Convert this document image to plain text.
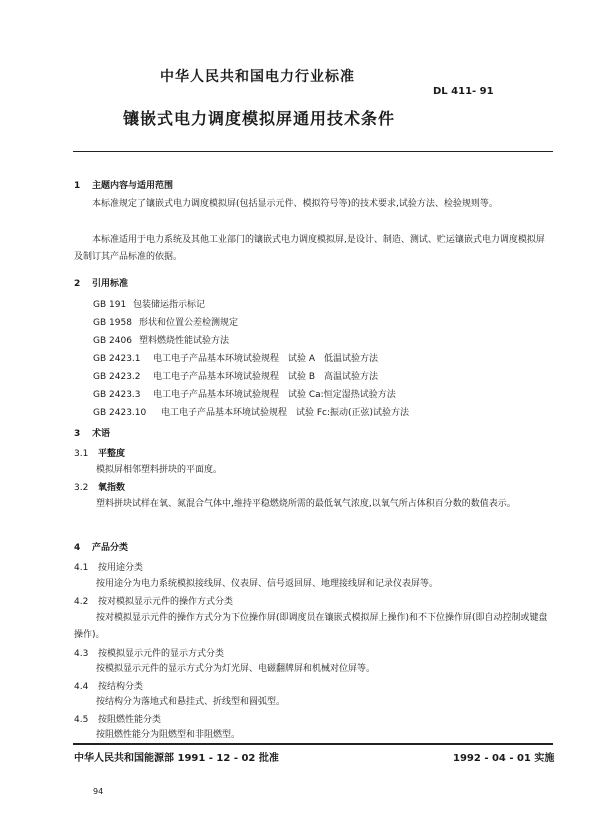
中华人民共和国电力行业标准
DL 411- 91
镶嵌式电力调度模拟屏通用技术条件
1 主题内容与适用范围
本标准规定了镶嵌式电力调度模拟屏(包括显示元件、模拟符号等)的技术要求,试验方法、检验规则等。
本标准适用于电力系统及其他工业部门的镶嵌式电力调度模拟屏,是设计、制造、测试、贮运镶嵌式电力调度模拟屏及制订其产品标准的依据。
2 引用标准
GB 191 包装储运指示标记
GB 1958 形状和位置公差检测规定
GB 2406 塑料燃烧性能试验方法
GB 2423.1 电工电子产品基本环境试验规程　试验 A　低温试验方法
GB 2423.2 电工电子产品基本环境试验规程　试验 B　高温试验方法
GB 2423.3 电工电子产品基本环境试验规程　试验 Ca:恒定湿热试验方法
GB 2423.10 电工电子产品基本环境试验规程　试验 Fc:振动(正弦)试验方法
3 术语
3.1 平整度
模拟屏相邻塑料拼块的平面度。
3.2 氧指数
塑料拼块试样在氧、氮混合气体中,维持平稳燃烧所需的最低氧气浓度,以氧气所占体积百分数的数值表示。
4 产品分类
4.1 按用途分类
按用途分为电力系统模拟接线屏、仪表屏、信号返回屏、地理接线屏和记录仪表屏等。
4.2 按对模拟显示元件的操作方式分类
按对模拟显示元件的操作方式分为下位操作屏(即调度员在镶嵌式模拟屏上操作)和不下位操作屏(即自动控制或键盘操作)。
4.3 按模拟显示元件的显示方式分类
按模拟显示元件的显示方式分为灯光屏、电磁翻牌屏和机械对位屏等。
4.4 按结构分类
按结构分为落地式和悬挂式、折线型和圆弧型。
4.5 按阻燃性能分类
按阻燃性能分为阻燃型和非阻燃型。
中华人民共和国能源部 1991 - 12 - 02 批准	1992 - 04 - 01 实施
94
